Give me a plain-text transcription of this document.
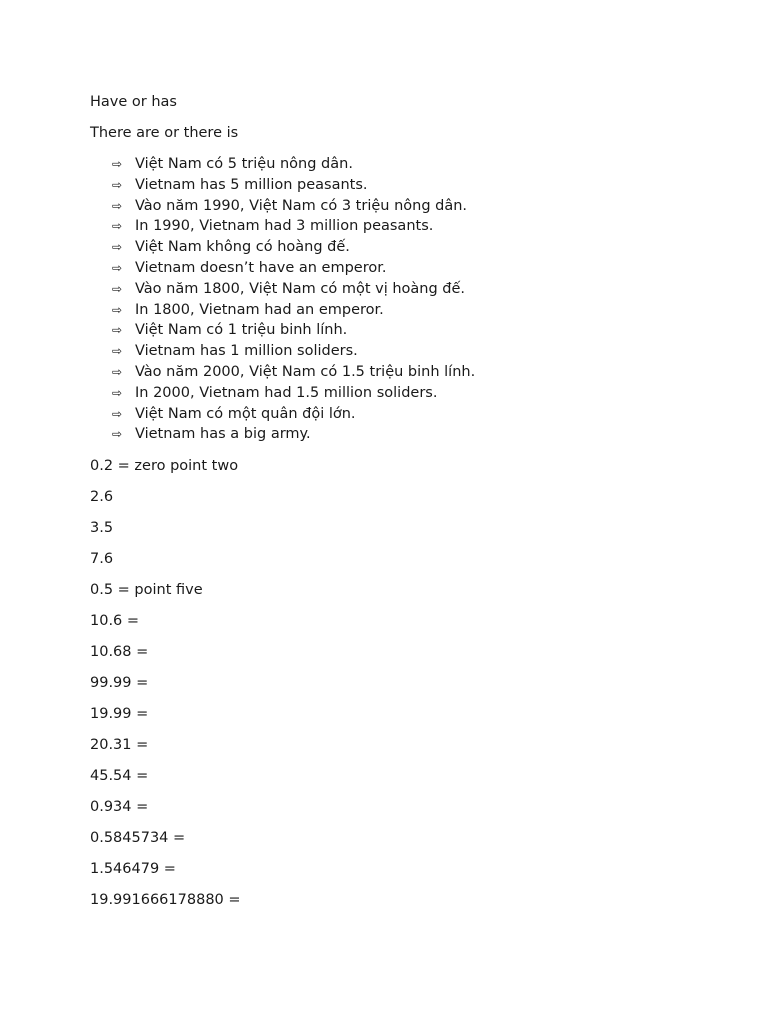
Have or has

There are or there is

⇨ Việt Nam có 5 triệu nông dân.
⇨ Vietnam has 5 million peasants.
⇨ Vào năm 1990, Việt Nam có 3 triệu nông dân.
⇨ In 1990, Vietnam had 3 million peasants.
⇨ Việt Nam không có hoàng đế.
⇨ Vietnam doesn’t have an emperor.
⇨ Vào năm 1800, Việt Nam có một vị hoàng đế.
⇨ In 1800, Vietnam had an emperor.
⇨ Việt Nam có 1 triệu binh lính.
⇨ Vietnam has 1 million soliders.
⇨ Vào năm 2000, Việt Nam có 1.5 triệu binh lính.
⇨ In 2000, Vietnam had 1.5 million soliders.
⇨ Việt Nam có một quân đội lớn.
⇨ Vietnam has a big army.

0.2 = zero point two

2.6

3.5

7.6

0.5 = point five

10.6 =

10.68 =

99.99 =

19.99 =

20.31 =

45.54 =

0.934 =

0.5845734 =

1.546479 =

19.991666178880 =
